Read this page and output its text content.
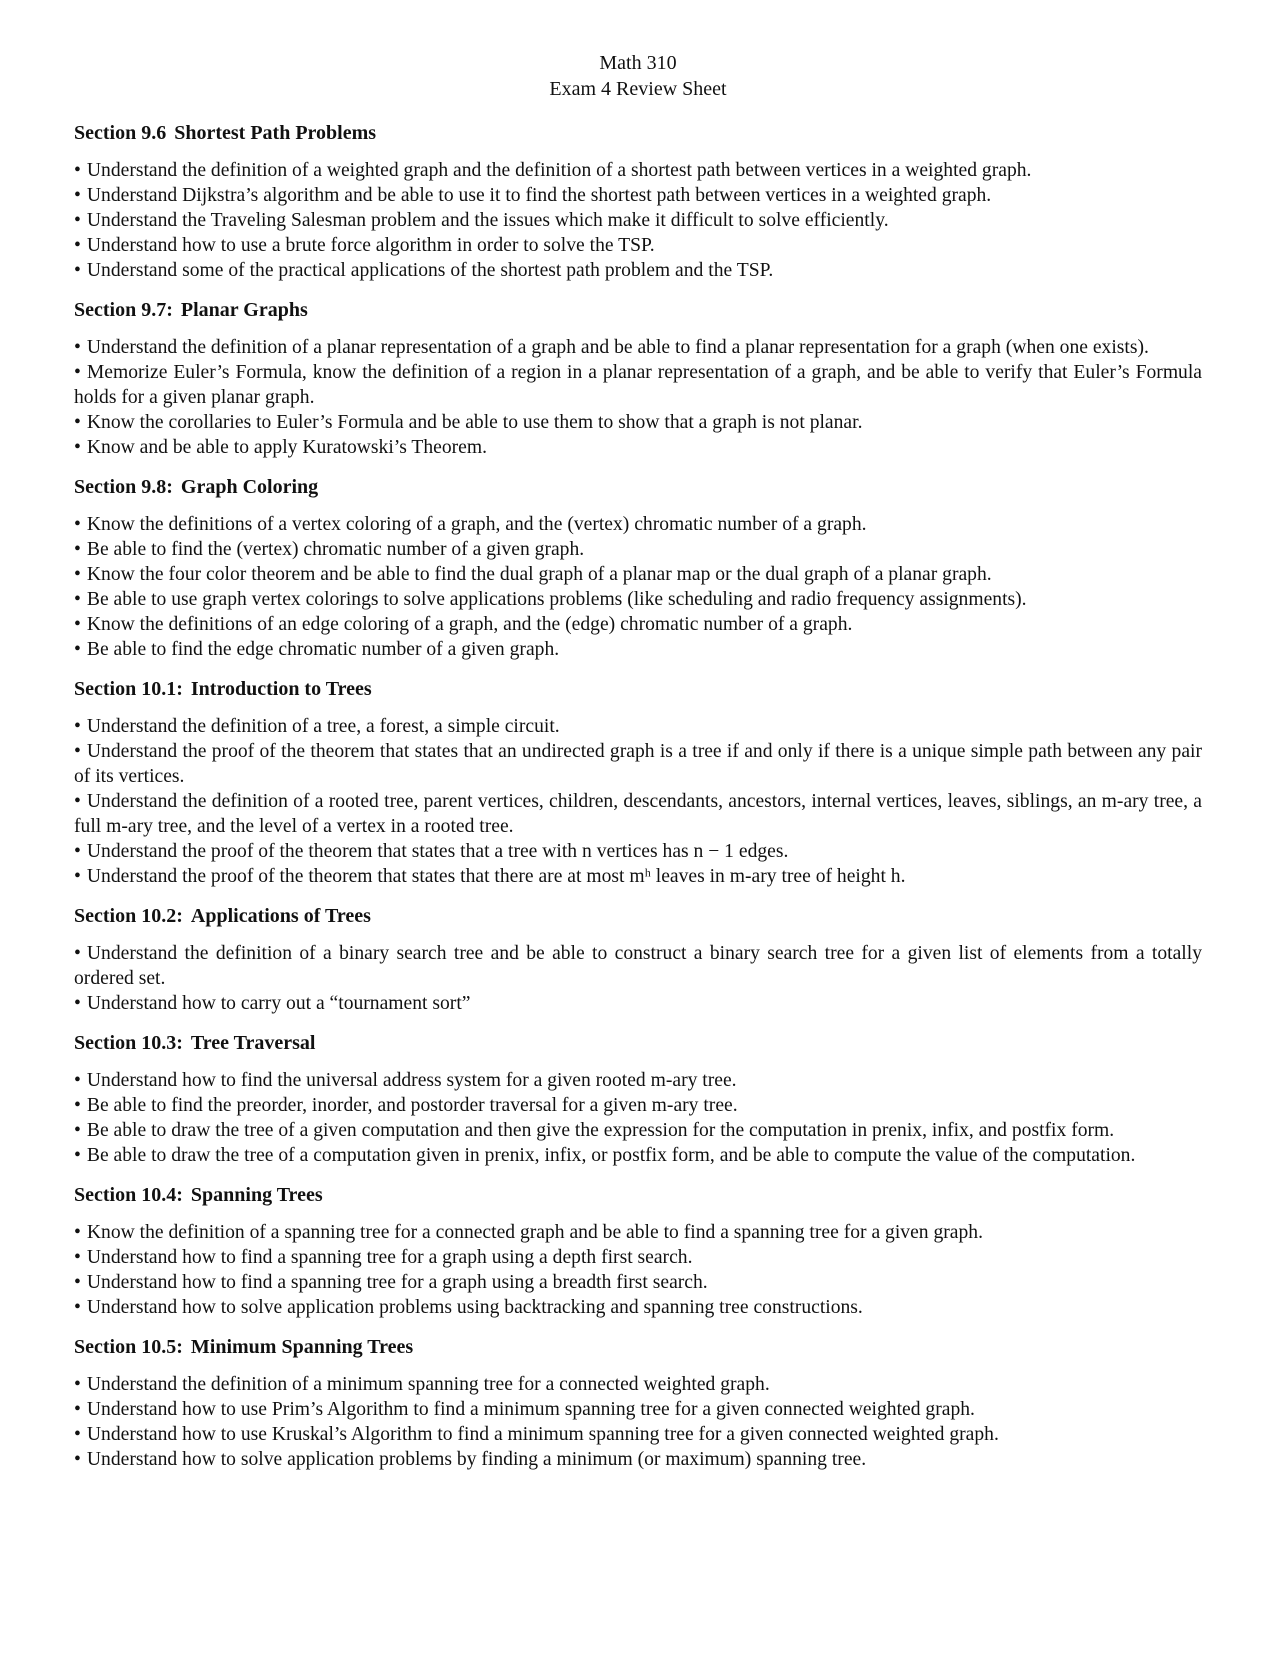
Math 310
Exam 4 Review Sheet
Section 9.6 Shortest Path Problems
• Understand the definition of a weighted graph and the definition of a shortest path between vertices in a weighted graph.
• Understand Dijkstra’s algorithm and be able to use it to find the shortest path between vertices in a weighted graph.
• Understand the Traveling Salesman problem and the issues which make it difficult to solve efficiently.
• Understand how to use a brute force algorithm in order to solve the TSP.
• Understand some of the practical applications of the shortest path problem and the TSP.
Section 9.7: Planar Graphs
• Understand the definition of a planar representation of a graph and be able to find a planar representation for a graph (when one exists).
• Memorize Euler’s Formula, know the definition of a region in a planar representation of a graph, and be able to verify that Euler’s Formula holds for a given planar graph.
• Know the corollaries to Euler’s Formula and be able to use them to show that a graph is not planar.
• Know and be able to apply Kuratowski’s Theorem.
Section 9.8: Graph Coloring
• Know the definitions of a vertex coloring of a graph, and the (vertex) chromatic number of a graph.
• Be able to find the (vertex) chromatic number of a given graph.
• Know the four color theorem and be able to find the dual graph of a planar map or the dual graph of a planar graph.
• Be able to use graph vertex colorings to solve applications problems (like scheduling and radio frequency assignments).
• Know the definitions of an edge coloring of a graph, and the (edge) chromatic number of a graph.
• Be able to find the edge chromatic number of a given graph.
Section 10.1: Introduction to Trees
• Understand the definition of a tree, a forest, a simple circuit.
• Understand the proof of the theorem that states that an undirected graph is a tree if and only if there is a unique simple path between any pair of its vertices.
• Understand the definition of a rooted tree, parent vertices, children, descendants, ancestors, internal vertices, leaves, siblings, an m-ary tree, a full m-ary tree, and the level of a vertex in a rooted tree.
• Understand the proof of the theorem that states that a tree with n vertices has n − 1 edges.
• Understand the proof of the theorem that states that there are at most mʰ leaves in m-ary tree of height h.
Section 10.2: Applications of Trees
• Understand the definition of a binary search tree and be able to construct a binary search tree for a given list of elements from a totally ordered set.
• Understand how to carry out a “tournament sort”
Section 10.3: Tree Traversal
• Understand how to find the universal address system for a given rooted m-ary tree.
• Be able to find the preorder, inorder, and postorder traversal for a given m-ary tree.
• Be able to draw the tree of a given computation and then give the expression for the computation in prenix, infix, and postfix form.
• Be able to draw the tree of a computation given in prenix, infix, or postfix form, and be able to compute the value of the computation.
Section 10.4: Spanning Trees
• Know the definition of a spanning tree for a connected graph and be able to find a spanning tree for a given graph.
• Understand how to find a spanning tree for a graph using a depth first search.
• Understand how to find a spanning tree for a graph using a breadth first search.
• Understand how to solve application problems using backtracking and spanning tree constructions.
Section 10.5: Minimum Spanning Trees
• Understand the definition of a minimum spanning tree for a connected weighted graph.
• Understand how to use Prim’s Algorithm to find a minimum spanning tree for a given connected weighted graph.
• Understand how to use Kruskal’s Algorithm to find a minimum spanning tree for a given connected weighted graph.
• Understand how to solve application problems by finding a minimum (or maximum) spanning tree.
